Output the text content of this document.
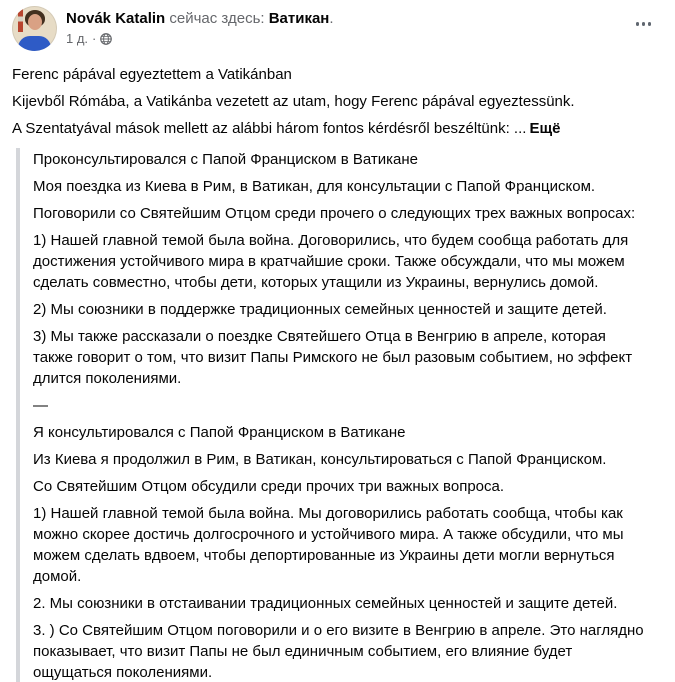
Novák Katalin сейчас здесь: Ватикан.
1 д. ·

Ferenc pápával egyeztettem a Vatikánban

Kijevből Rómába, a Vatikánba vezetett az utam, hogy Ferenc pápával egyeztessünk.

A Szentatyával mások mellett az alábbi három fontos kérdésről beszéltünk: ... Ещё

Проконсультировался с Папой Франциском в Ватикане

Моя поездка из Киева в Рим, в Ватикан, для консультации с Папой Франциском.

Поговорили со Святейшим Отцом среди прочего о следующих трех важных вопросах:

1) Нашей главной темой была война. Договорились, что будем сообща работать для достижения устойчивого мира в кратчайшие сроки. Также обсуждали, что мы можем сделать совместно, чтобы дети, которых утащили из Украины, вернулись домой.

2) Мы союзники в поддержке традиционных семейных ценностей и защите детей.

3) Мы также рассказали о поездке Святейшего Отца в Венгрию в апреле, которая также говорит о том, что визит Папы Римского не был разовым событием, но эффект длится поколениями.

—

Я консультировался с Папой Франциском в Ватикане

Из Киева я продолжил в Рим, в Ватикан, консультироваться с Папой Франциском.

Со Святейшим Отцом обсудили среди прочих три важных вопроса.

1) Нашей главной темой была война. Мы договорились работать сообща, чтобы как можно скорее достичь долгосрочного и устойчивого мира. А также обсудили, что мы можем сделать вдвоем, чтобы депортированные из Украины дети могли вернуться домой.

2. Мы союзники в отстаивании традиционных семейных ценностей и защите детей.

3. ) Со Святейшим Отцом поговорили и о его визите в Венгрию в апреле. Это наглядно показывает, что визит Папы не был единичным событием, его влияние будет ощущаться поколениями.
